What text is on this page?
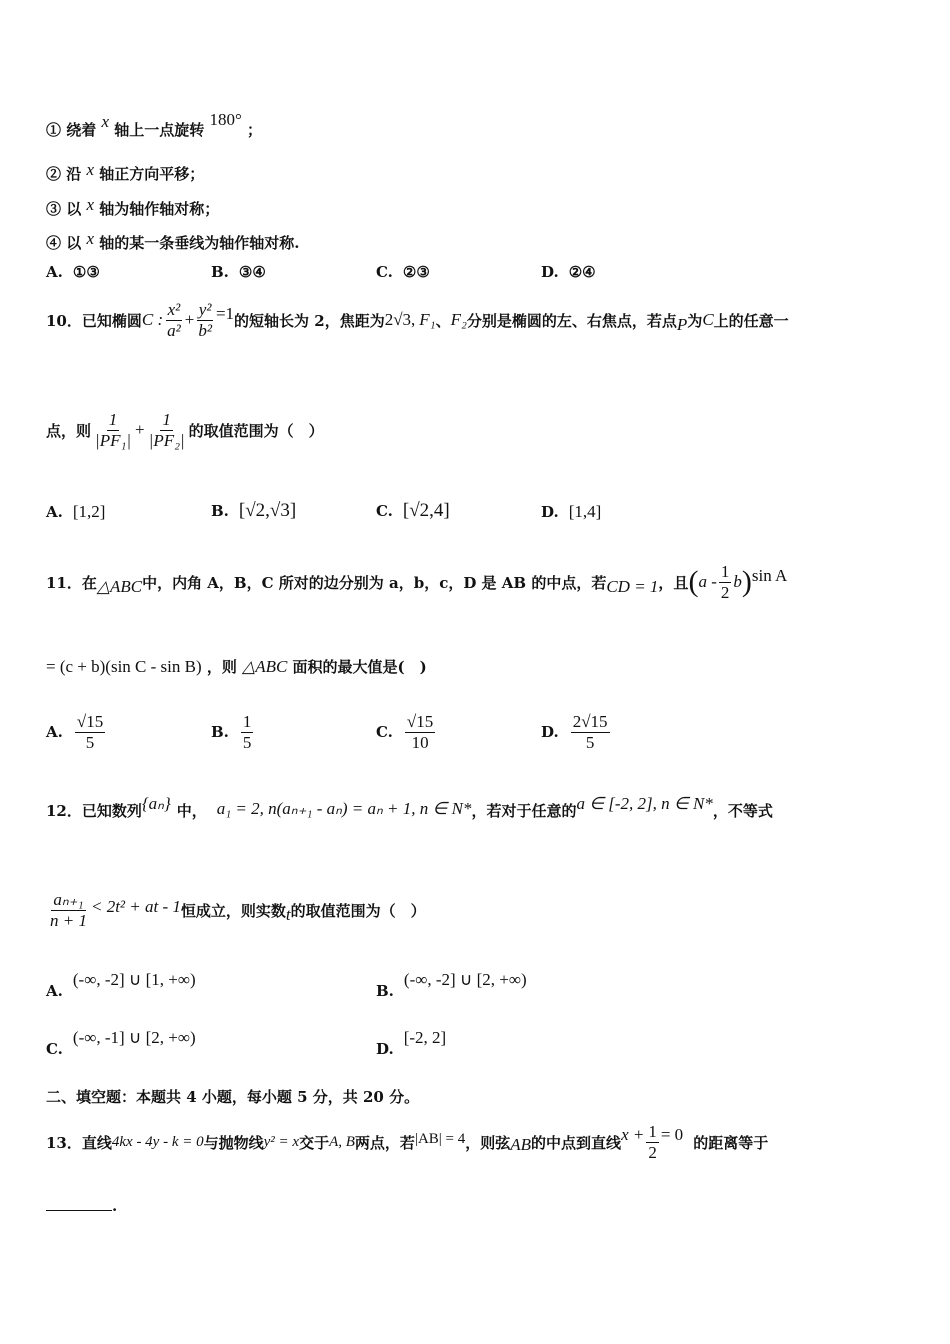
① 绕着 x 轴上一点旋转 180° ；
② 沿 x 轴正方向平移；
③ 以 x 轴为轴作轴对称；
④ 以 x 轴的某一条垂线为轴作轴对称.
A. ①③	B. ③④	C. ②③	D. ②④
10．已知椭圆 C : $\frac{\text{x²}}{\text{a²}} + \frac{\text{y²}}{\text{b²}} =1$ 的短轴长为 2，焦距为 2√3, F₁ 、 F₂ 分别是椭圆的左、右焦点，若点 P 为 C 上的任意一
点，则 $\frac{1}{\text{|PF₁|}} + \frac{1}{\text{|PF₂|}}$ 的取值范围为（　）
A. [1,2]	B. [√2,√3]	C. [√2,4]	D. [1,4]
11．在 △ABC 中，内角 A，B，C 所对的边分别为 a，b，c，D 是 AB 的中点，若 CD = 1 ，且 ( a - $\frac{1}{2}$ b ) sin A
= (c + b)(sin C - sin B) ，则 △ABC 面积的最大值是(　)
A. $\frac{√15}{5}$	B. $\frac{1}{5}$	C. $\frac{√15}{10}$	D. $\frac{2√15}{5}$
12．已知数列 {aₙ} 中， a₁ = 2, n(aₙ₊₁ - aₙ) = aₙ + 1, n ∈ N* ，若对于任意的 a ∈ [-2, 2], n ∈ N* ，不等式
$\frac{\text{aₙ₊₁}}{n + 1} < 2t^2$ + at - 1 恒成立，则实数 t 的取值范围为（　）
A.
(-∞, -2] ∪ [1, +∞)
B.
(-∞, -2] ∪ [2, +∞)
C.
(-∞, -1] ∪ [2, +∞)
D.
[-2, 2]
二、填空题：本题共 4 小题，每小题 5 分，共 20 分。
13．直线 4kx - 4y - k = 0 与抛物线 y² = x 交于 A, B 两点，若 |AB| = 4 ，则弦 AB 的中点到直线 $x + \frac{1}{2} = 0$ 的距离等于
.
